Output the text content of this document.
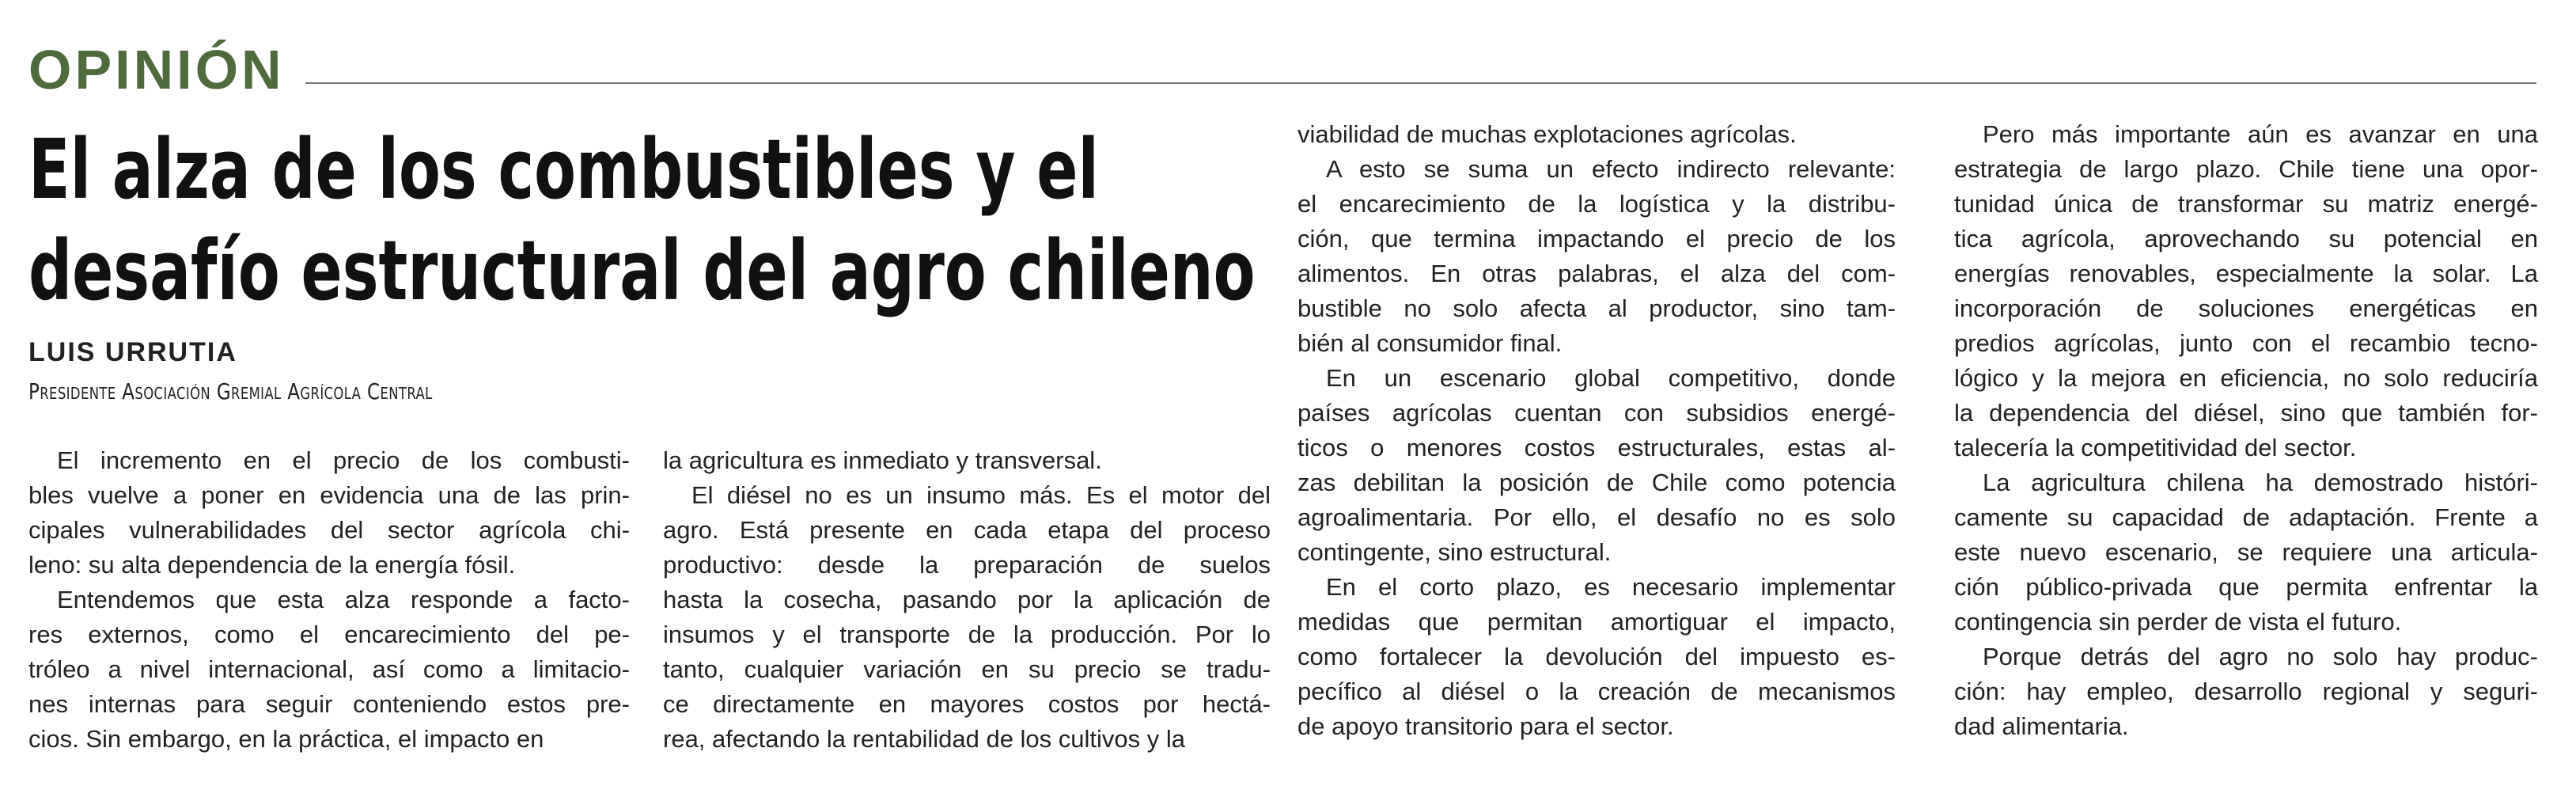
OPINIÓN
El alza de los combustibles y el
desafío estructural del agro chileno
LUIS URRUTIA
Presidente Asociación Gremial Agrícola Central
El incremento en el precio de los combusti-
bles vuelve a poner en evidencia una de las prin-
cipales vulnerabilidades del sector agrícola chi-
leno: su alta dependencia de la energía fósil.
Entendemos que esta alza responde a facto-
res externos, como el encarecimiento del pe-
tróleo a nivel internacional, así como a limitacio-
nes internas para seguir conteniendo estos pre-
cios. Sin embargo, en la práctica, el impacto en
la agricultura es inmediato y transversal.
El diésel no es un insumo más. Es el motor del
agro. Está presente en cada etapa del proceso
productivo: desde la preparación de suelos
hasta la cosecha, pasando por la aplicación de
insumos y el transporte de la producción. Por lo
tanto, cualquier variación en su precio se tradu-
ce directamente en mayores costos por hectá-
rea, afectando la rentabilidad de los cultivos y la
viabilidad de muchas explotaciones agrícolas.
A esto se suma un efecto indirecto relevante:
el encarecimiento de la logística y la distribu-
ción, que termina impactando el precio de los
alimentos. En otras palabras, el alza del com-
bustible no solo afecta al productor, sino tam-
bién al consumidor final.
En un escenario global competitivo, donde
países agrícolas cuentan con subsidios energé-
ticos o menores costos estructurales, estas al-
zas debilitan la posición de Chile como potencia
agroalimentaria. Por ello, el desafío no es solo
contingente, sino estructural.
En el corto plazo, es necesario implementar
medidas que permitan amortiguar el impacto,
como fortalecer la devolución del impuesto es-
pecífico al diésel o la creación de mecanismos
de apoyo transitorio para el sector.
Pero más importante aún es avanzar en una
estrategia de largo plazo. Chile tiene una opor-
tunidad única de transformar su matriz energé-
tica agrícola, aprovechando su potencial en
energías renovables, especialmente la solar. La
incorporación de soluciones energéticas en
predios agrícolas, junto con el recambio tecno-
lógico y la mejora en eficiencia, no solo reduciría
la dependencia del diésel, sino que también for-
talecería la competitividad del sector.
La agricultura chilena ha demostrado históri-
camente su capacidad de adaptación. Frente a
este nuevo escenario, se requiere una articula-
ción público-privada que permita enfrentar la
contingencia sin perder de vista el futuro.
Porque detrás del agro no solo hay produc-
ción: hay empleo, desarrollo regional y seguri-
dad alimentaria.
